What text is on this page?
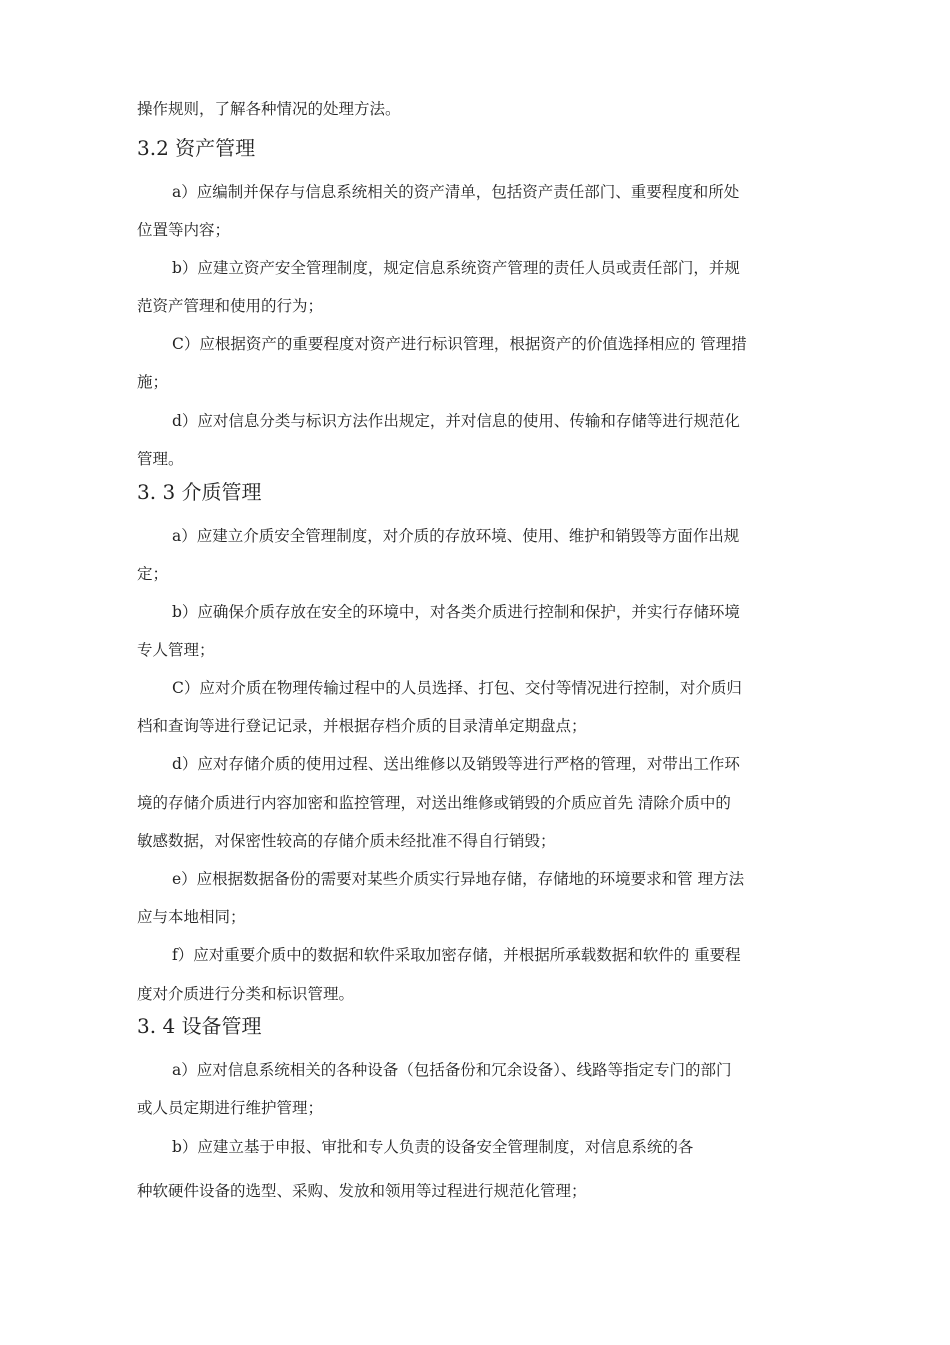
操作规则，了解各种情况的处理方法。
3.2 资产管理
a）应编制并保存与信息系统相关的资产清单，包括资产责任部门、重要程度和所处
位置等内容；
b）应建立资产安全管理制度，规定信息系统资产管理的责任人员或责任部门，并规
范资产管理和使用的行为；
C）应根据资产的重要程度对资产进行标识管理，根据资产的价值选择相应的 管理措
施；
d）应对信息分类与标识方法作出规定，并对信息的使用、传输和存储等进行规范化
管理。
3. 3 介质管理
a）应建立介质安全管理制度，对介质的存放环境、使用、维护和销毁等方面作出规
定；
b）应确保介质存放在安全的环境中，对各类介质进行控制和保护，并实行存储环境
专人管理；
C）应对介质在物理传输过程中的人员选择、打包、交付等情况进行控制，对介质归
档和查询等进行登记记录，并根据存档介质的目录清单定期盘点；
d）应对存储介质的使用过程、送出维修以及销毁等进行严格的管理，对带出工作环
境的存储介质进行内容加密和监控管理，对送出维修或销毁的介质应首先 清除介质中的
敏感数据，对保密性较高的存储介质未经批准不得自行销毁；
e）应根据数据备份的需要对某些介质实行异地存储，存储地的环境要求和管 理方法
应与本地相同；
f）应对重要介质中的数据和软件采取加密存储，并根据所承载数据和软件的 重要程
度对介质进行分类和标识管理。
3. 4 设备管理
a）应对信息系统相关的各种设备（包括备份和冗余设备）、线路等指定专门的部门
或人员定期进行维护管理；
b）应建立基于申报、审批和专人负责的设备安全管理制度，对信息系统的各
种软硬件设备的选型、采购、发放和领用等过程进行规范化管理；
